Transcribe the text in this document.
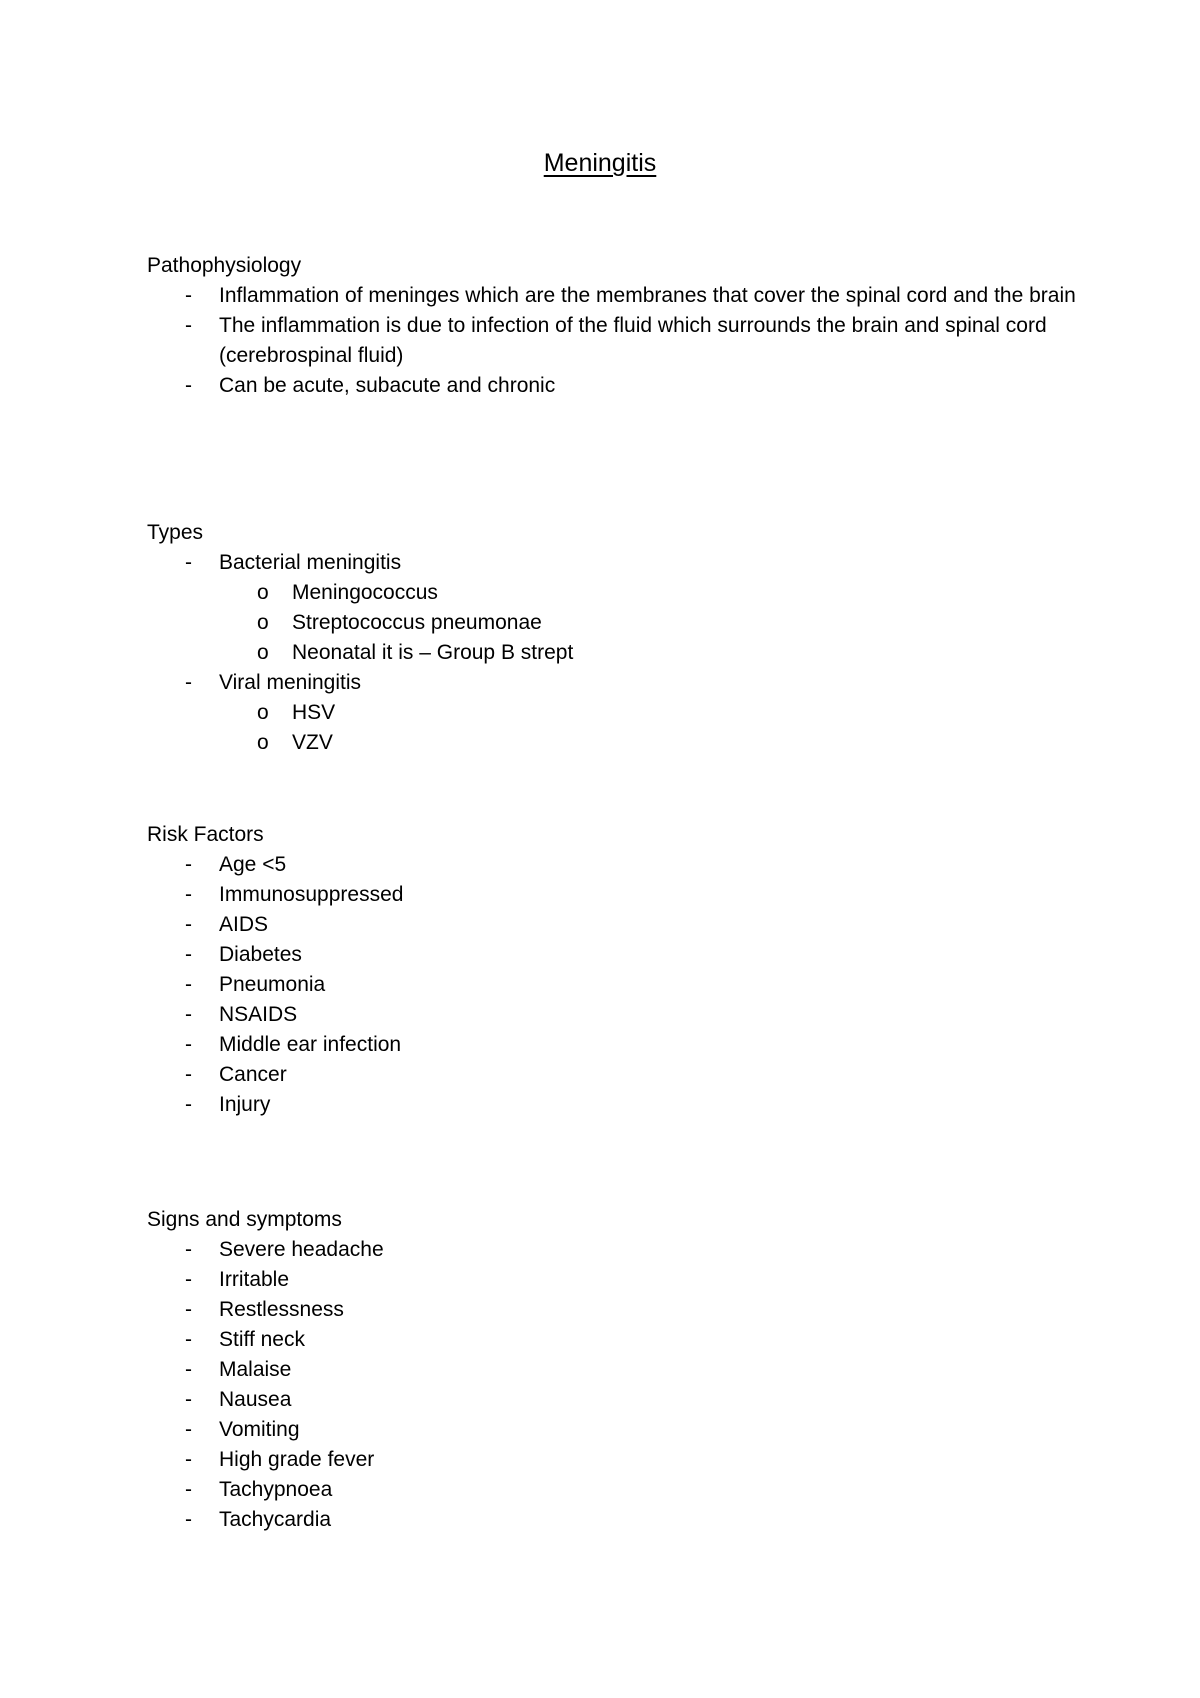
Meningitis
Pathophysiology
- Inflammation of meninges which are the membranes that cover the spinal cord and the brain
- The inflammation is due to infection of the fluid which surrounds the brain and spinal cord (cerebrospinal fluid)
- Can be acute, subacute and chronic
Types
- Bacterial meningitis
o Meningococcus
o Streptococcus pneumonae
o Neonatal it is – Group B strept
- Viral meningitis
o HSV
o VZV
Risk Factors
- Age <5
- Immunosuppressed
- AIDS
- Diabetes
- Pneumonia
- NSAIDS
- Middle ear infection
- Cancer
- Injury
Signs and symptoms
- Severe headache
- Irritable
- Restlessness
- Stiff neck
- Malaise
- Nausea
- Vomiting
- High grade fever
- Tachypnoea
- Tachycardia
